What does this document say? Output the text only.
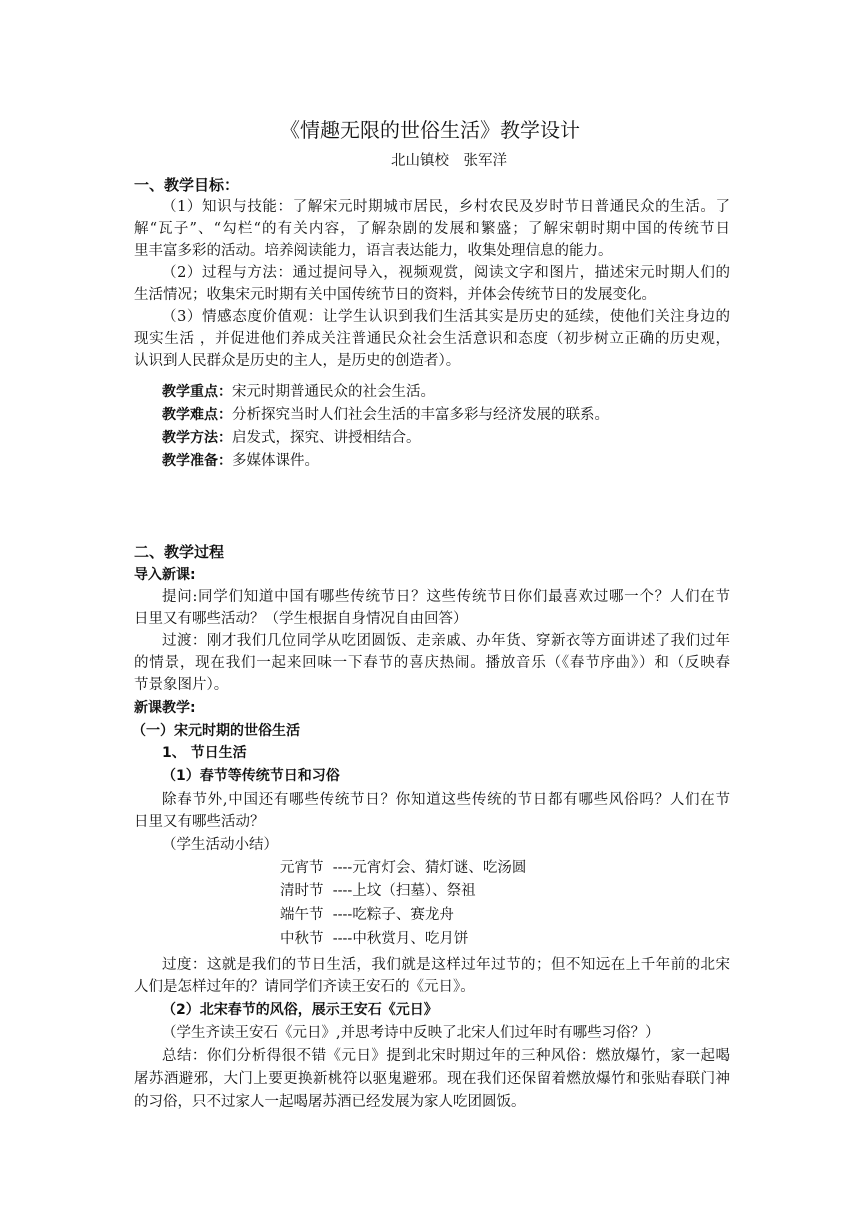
《情趣无限的世俗生活》教学设计
北山镇校　张军洋
一、教学目标：
（1）知识与技能：了解宋元时期城市居民，乡村农民及岁时节日普通民众的生活。了
解“瓦子”、“勾栏“的有关内容，了解杂剧的发展和繁盛；了解宋朝时期中国的传统节日
里丰富多彩的活动。培养阅读能力，语言表达能力，收集处理信息的能力。
（2）过程与方法：通过提问导入，视频观赏，阅读文字和图片，描述宋元时期人们的
生活情况；收集宋元时期有关中国传统节日的资料，并体会传统节日的发展变化。
（3）情感态度价值观：让学生认识到我们生活其实是历史的延续，使他们关注身边的
现实生活 ，并促进他们养成关注普通民众社会生活意识和态度（初步树立正确的历史观，
认识到人民群众是历史的主人，是历史的创造者）。
教学重点：宋元时期普通民众的社会生活。
教学难点：分析探究当时人们社会生活的丰富多彩与经济发展的联系。
教学方法：启发式，探究、讲授相结合。
教学准备：多媒体课件。
二、教学过程
导入新课:
提问:同学们知道中国有哪些传统节日？这些传统节日你们最喜欢过哪一个？人们在节
日里又有哪些活动？（学生根据自身情况自由回答）
过渡：刚才我们几位同学从吃团圆饭、走亲戚、办年货、穿新衣等方面讲述了我们过年
的情景，现在我们一起来回味一下春节的喜庆热闹。播放音乐（《春节序曲》）和（反映春
节景象图片）。
新课教学:
（一）宋元时期的世俗生活
1、 节日生活
（1）春节等传统节日和习俗
除春节外,中国还有哪些传统节日？你知道这些传统的节日都有哪些风俗吗？人们在节
日里又有哪些活动？
（学生活动小结）
元宵节 ----元宵灯会、猜灯谜、吃汤圆
清时节 ----上坟（扫墓）、祭祖
端午节 ----吃粽子、赛龙舟
中秋节 ----中秋赏月、吃月饼
过度：这就是我们的节日生活，我们就是这样过年过节的；但不知远在上千年前的北宋
人们是怎样过年的？请同学们齐读王安石的《元日》。
（2）北宋春节的风俗，展示王安石《元日》
（学生齐读王安石《元日》,并思考诗中反映了北宋人们过年时有哪些习俗？）
总结：你们分析得很不错《元日》提到北宋时期过年的三种风俗：燃放爆竹，家一起喝
屠苏酒避邪，大门上要更换新桃符以驱鬼避邪。现在我们还保留着燃放爆竹和张贴春联门神
的习俗，只不过家人一起喝屠苏酒已经发展为家人吃团圆饭。
